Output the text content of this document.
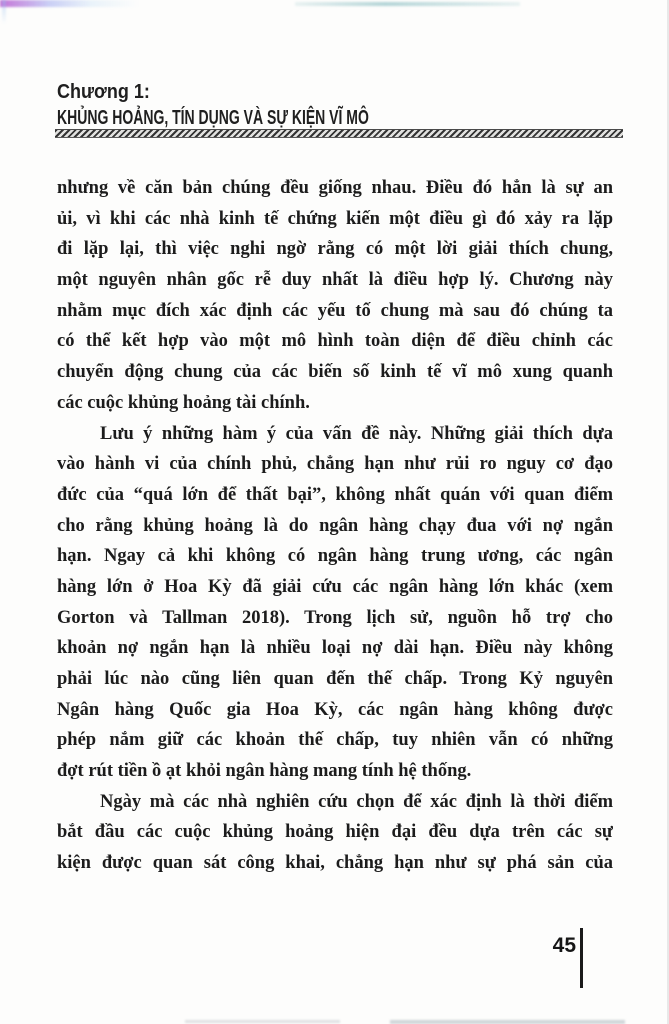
Chương 1:
KHỦNG HOẢNG, TÍN DỤNG VÀ SỰ KIỆN VĨ MÔ
nhưng về căn bản chúng đều giống nhau. Điều đó hẳn là sự an
ủi, vì khi các nhà kinh tế chứng kiến một điều gì đó xảy ra lặp
đi lặp lại, thì việc nghi ngờ rằng có một lời giải thích chung,
một nguyên nhân gốc rễ duy nhất là điều hợp lý. Chương này
nhằm mục đích xác định các yếu tố chung mà sau đó chúng ta
có thể kết hợp vào một mô hình toàn diện để điều chỉnh các
chuyển động chung của các biến số kinh tế vĩ mô xung quanh
các cuộc khủng hoảng tài chính.
Lưu ý những hàm ý của vấn đề này. Những giải thích dựa
vào hành vi của chính phủ, chẳng hạn như rủi ro nguy cơ đạo
đức của “quá lớn để thất bại”, không nhất quán với quan điểm
cho rằng khủng hoảng là do ngân hàng chạy đua với nợ ngắn
hạn. Ngay cả khi không có ngân hàng trung ương, các ngân
hàng lớn ở Hoa Kỳ đã giải cứu các ngân hàng lớn khác (xem
Gorton và Tallman 2018). Trong lịch sử, nguồn hỗ trợ cho
khoản nợ ngắn hạn là nhiều loại nợ dài hạn. Điều này không
phải lúc nào cũng liên quan đến thế chấp. Trong Kỷ nguyên
Ngân hàng Quốc gia Hoa Kỳ, các ngân hàng không được
phép nắm giữ các khoản thế chấp, tuy nhiên vẫn có những
đợt rút tiền ồ ạt khỏi ngân hàng mang tính hệ thống.
Ngày mà các nhà nghiên cứu chọn để xác định là thời điểm
bắt đầu các cuộc khủng hoảng hiện đại đều dựa trên các sự
kiện được quan sát công khai, chẳng hạn như sự phá sản của
45
